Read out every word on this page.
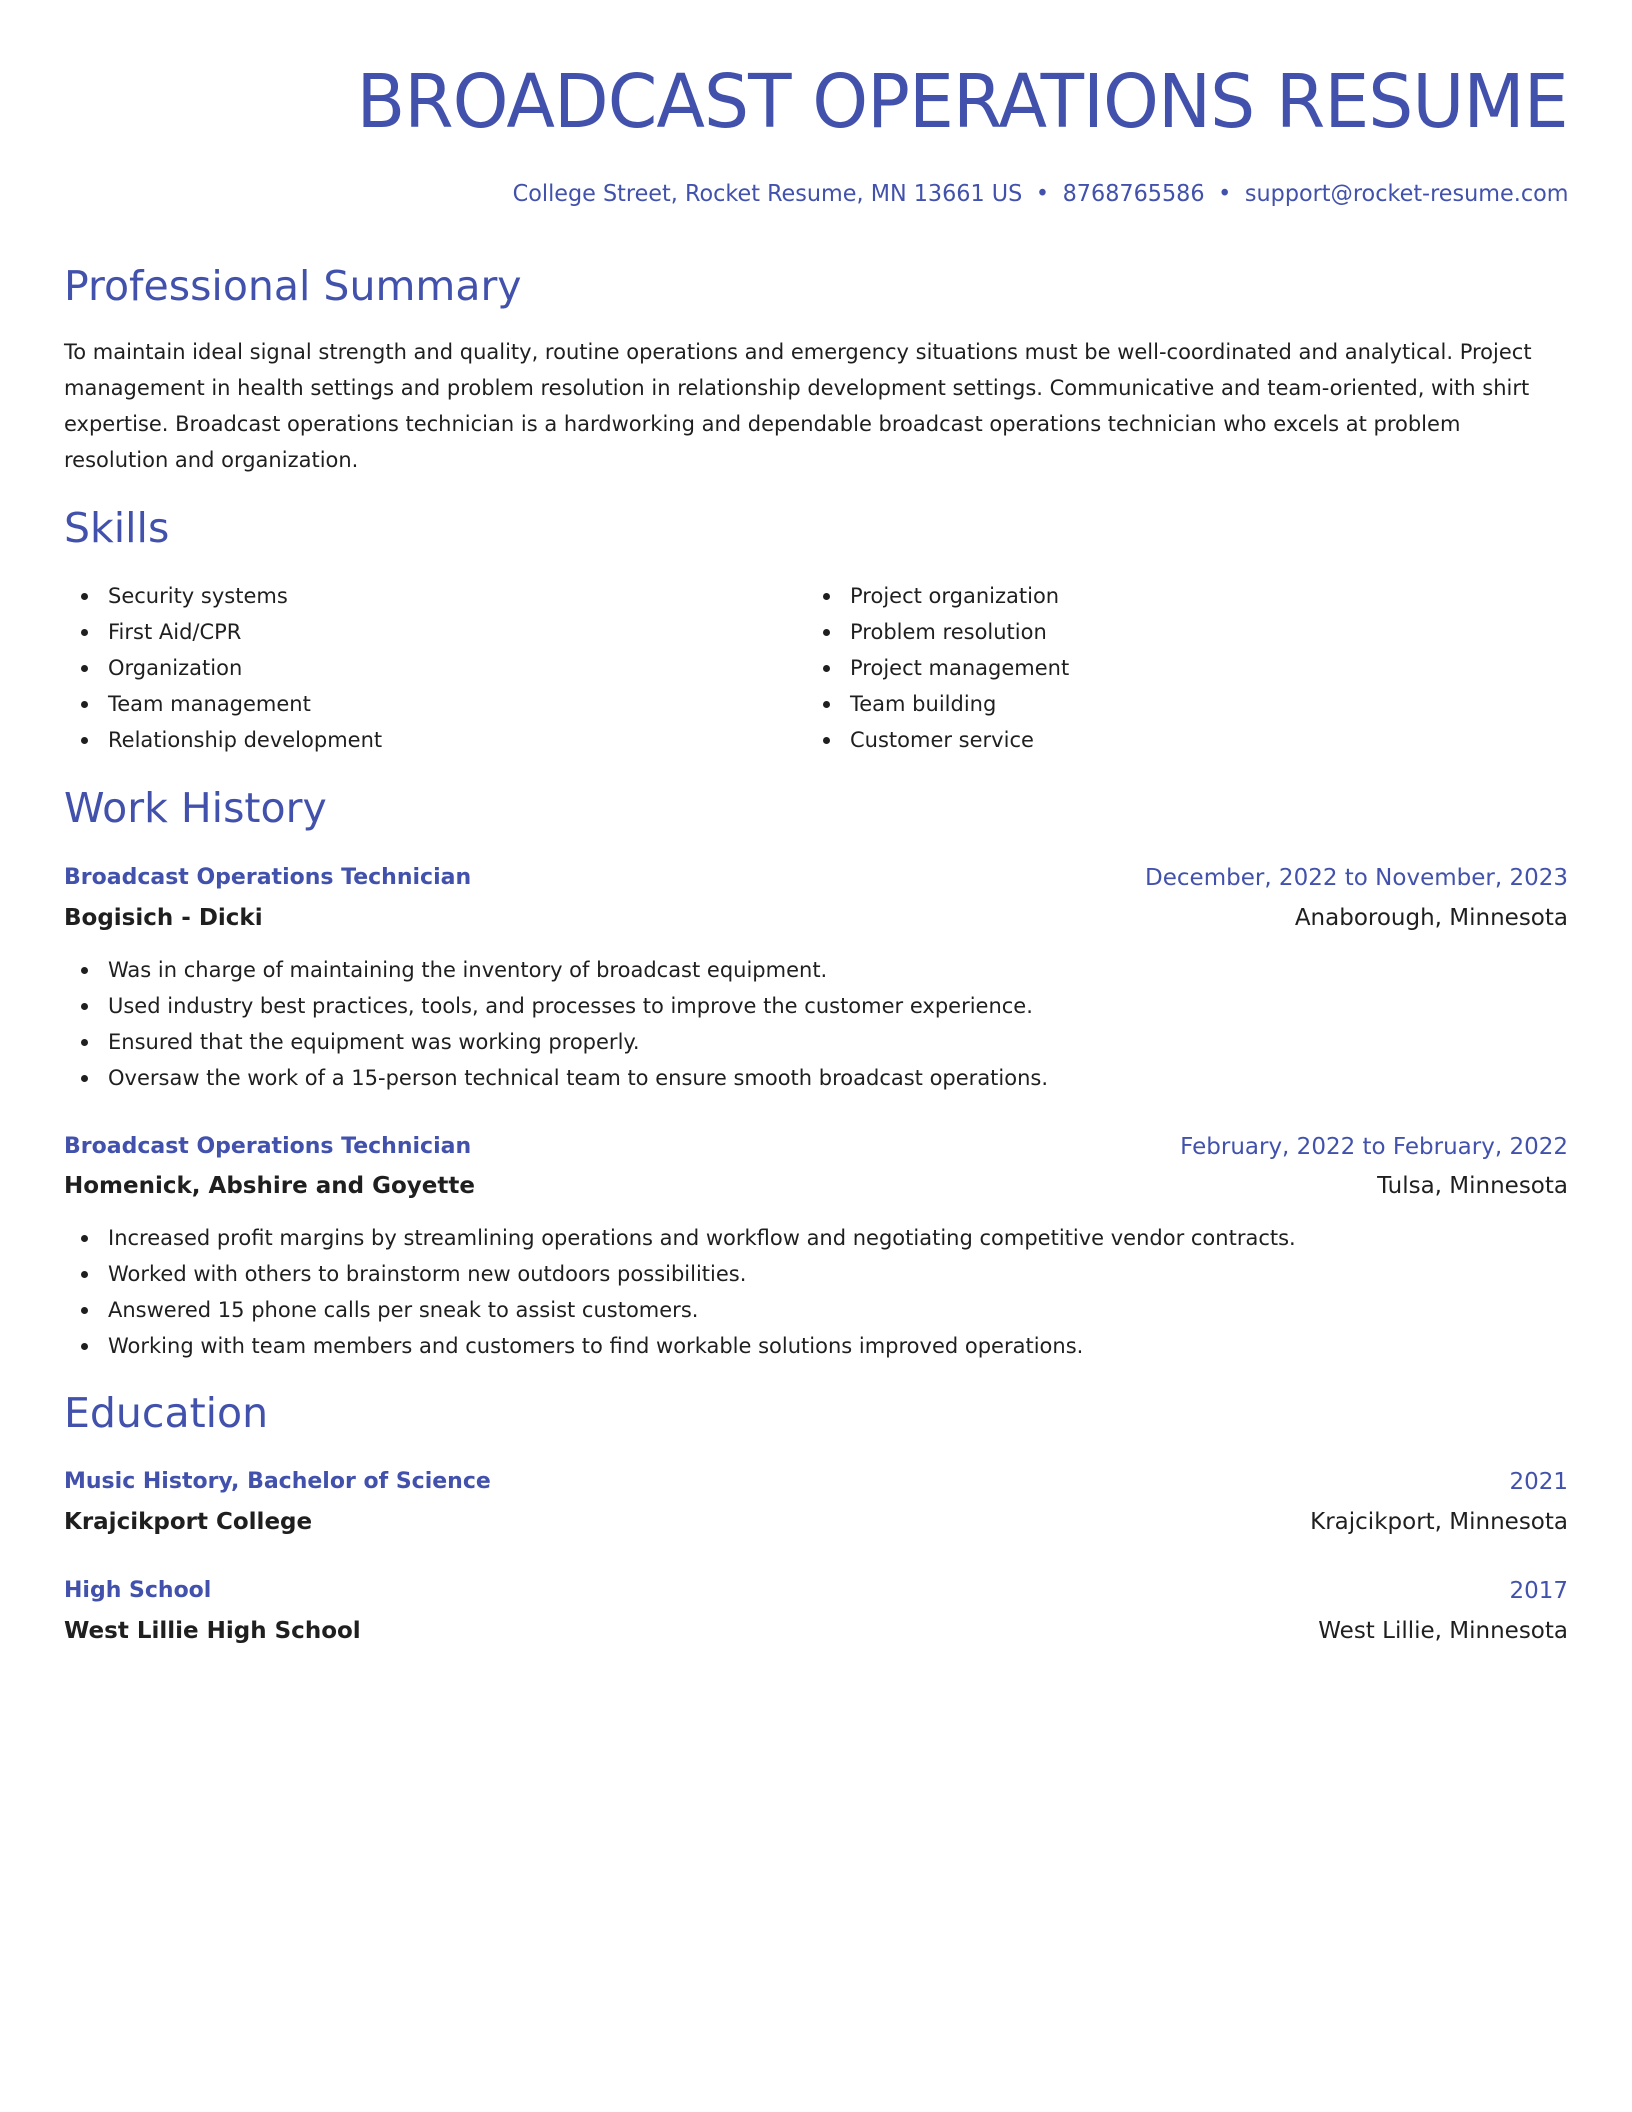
BROADCAST OPERATIONS RESUME
College Street, Rocket Resume, MN 13661 US • 8768765586 • support@rocket-resume.com
Professional Summary

To maintain ideal signal strength and quality, routine operations and emergency situations must be well-coordinated and analytical. Project management in health settings and problem resolution in relationship development settings. Communicative and team-oriented, with shirt expertise. Broadcast operations technician is a hardworking and dependable broadcast operations technician who excels at problem resolution and organization.

Skills
Security systems
First Aid/CPR
Organization
Team management
Relationship development
Project organization
Problem resolution
Project management
Team building
Customer service
Work History
Broadcast Operations Technician	December, 2022 to November, 2023
Bogisich - Dicki	Anaborough, Minnesota
Was in charge of maintaining the inventory of broadcast equipment.
Used industry best practices, tools, and processes to improve the customer experience.
Ensured that the equipment was working properly.
Oversaw the work of a 15-person technical team to ensure smooth broadcast operations.
Broadcast Operations Technician	February, 2022 to February, 2022
Homenick, Abshire and Goyette	Tulsa, Minnesota
Increased profit margins by streamlining operations and workflow and negotiating competitive vendor contracts.
Worked with others to brainstorm new outdoors possibilities.
Answered 15 phone calls per sneak to assist customers.
Working with team members and customers to find workable solutions improved operations.
Education
Music History, Bachelor of Science	2021
Krajcikport College	Krajcikport, Minnesota
High School	2017
West Lillie High School	West Lillie, Minnesota
